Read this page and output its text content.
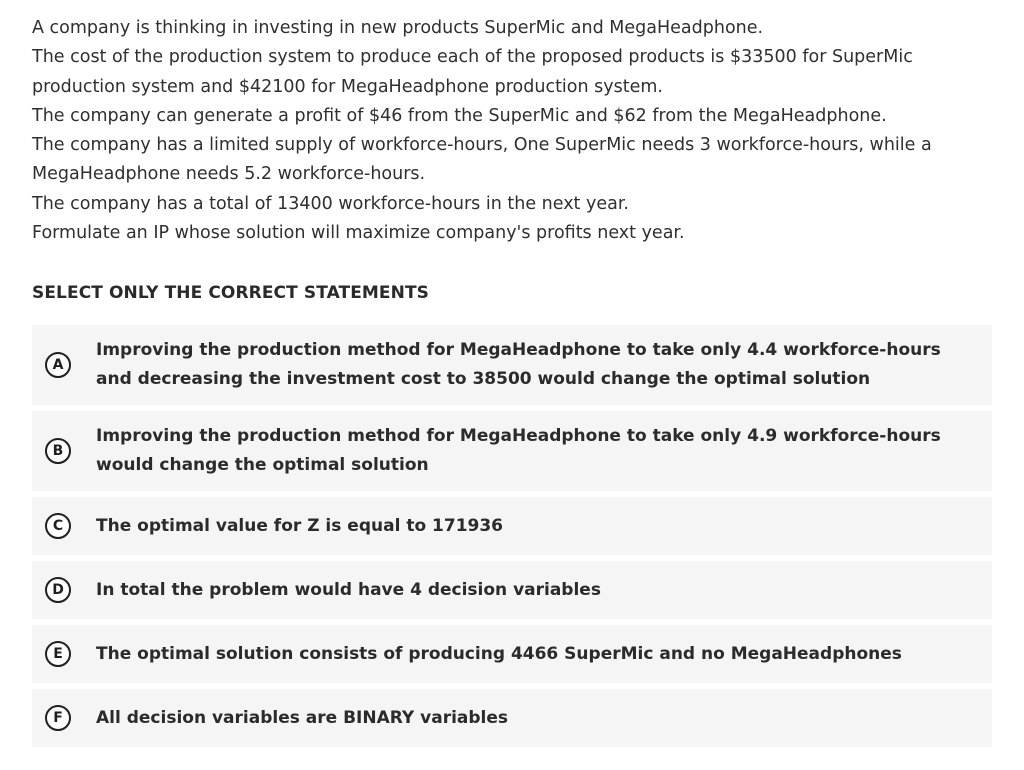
A company is thinking in investing in new products SuperMic and MegaHeadphone.

The cost of the production system to produce each of the proposed products is $33500 for SuperMic production system and $42100 for MegaHeadphone production system.

The company can generate a profit of $46 from the SuperMic and $62 from the MegaHeadphone.

The company has a limited supply of workforce-hours, One SuperMic needs 3 workforce-hours, while a MegaHeadphone needs 5.2 workforce-hours.

The company has a total of 13400 workforce-hours in the next year.

Formulate an IP whose solution will maximize company's profits next year.

SELECT ONLY THE CORRECT STATEMENTS
A
Improving the production method for MegaHeadphone to take only 4.4 workforce-hours and decreasing the investment cost to 38500 would change the optimal solution
B
Improving the production method for MegaHeadphone to take only 4.9 workforce-hours would change the optimal solution
C	The optimal value for Z is equal to 171936
D	In total the problem would have 4 decision variables
E	The optimal solution consists of producing 4466 SuperMic and no MegaHeadphones
F	All decision variables are BINARY variables
